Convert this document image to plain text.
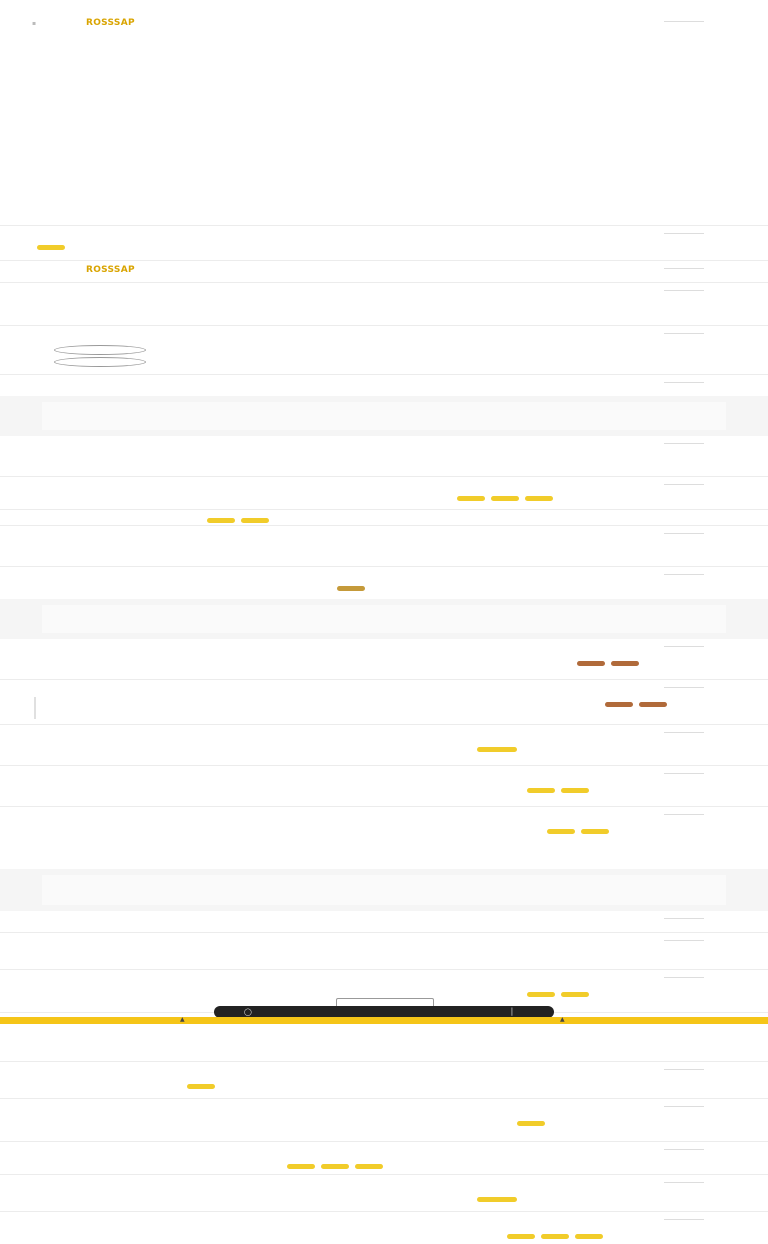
▪	ROSSSAP
ROSSSAP
◯	│
▲	▲
